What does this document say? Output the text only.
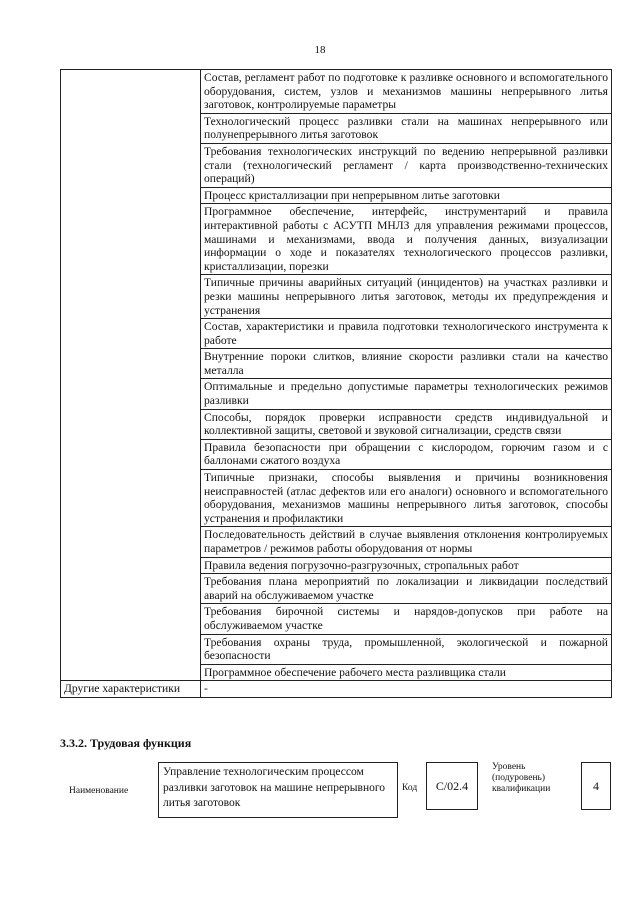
18
	Состав, регламент работ по подготовке к разливке основного и вспомогательного оборудования, систем, узлов и механизмов машины непрерывного литья заготовок, контролируемые параметры
	Технологический процесс разливки стали на машинах непрерывного или полунепрерывного литья заготовок
	Требования технологических инструкций по ведению непрерывной разливки стали (технологический регламент / карта производственно-технических операций)
	Процесс кристаллизации при непрерывном литье заготовки
	Программное обеспечение, интерфейс, инструментарий и правила интерактивной работы с АСУТП МНЛЗ для управления режимами процессов, машинами и механизмами, ввода и получения данных, визуализации информации о ходе и показателях технологического процессов разливки, кристаллизации, порезки
	Типичные причины аварийных ситуаций (инцидентов) на участках разливки и резки машины непрерывного литья заготовок, методы их предупреждения и устранения
	Состав, характеристики и правила подготовки технологического инструмента к работе
	Внутренние пороки слитков, влияние скорости разливки стали на качество металла
	Оптимальные и предельно допустимые параметры технологических режимов разливки
	Способы, порядок проверки исправности средств индивидуальной и коллективной защиты, световой и звуковой сигнализации, средств связи
	Правила безопасности при обращении с кислородом, горючим газом и с баллонами сжатого воздуха
	Типичные признаки, способы выявления и причины возникновения неисправностей (атлас дефектов или его аналоги) основного и вспомогательного оборудования, механизмов машины непрерывного литья заготовок, способы устранения и профилактики
	Последовательность действий в случае выявления отклонения контролируемых параметров / режимов работы оборудования от нормы
	Правила ведения погрузочно-разгрузочных, стропальных работ
	Требования плана мероприятий по локализации и ликвидации последствий аварий на обслуживаемом участке
	Требования бирочной системы и нарядов-допусков при работе на обслуживаемом участке
	Требования охраны труда, промышленной, экологической и пожарной безопасности
	Программное обеспечение рабочего места разливщика стали
Другие характеристики	-
3.3.2. Трудовая функция
Наименование
Управление технологическим процессом разливки заготовок на машине непрерывного литья заготовок
Код	С/02.4
Уровень (подуровень) квалификации	4
